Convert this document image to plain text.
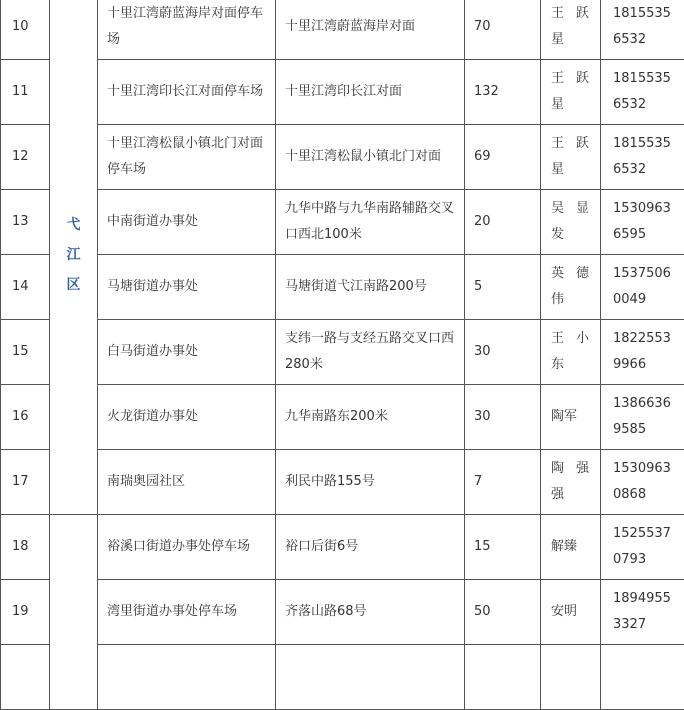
10	弋江区	十里江湾蔚蓝海岸对面停车场	十里江湾蔚蓝海岸对面	70	王跃星	18155356532
11		十里江湾印长江对面停车场	十里江湾印长江对面	132	王跃星	18155356532
12		十里江湾松鼠小镇北门对面停车场	十里江湾松鼠小镇北门对面	69	王跃星	18155356532
13		中南街道办事处	九华中路与九华南路辅路交叉口西北100米	20	吴显发	15309636595
14		马塘街道办事处	马塘街道弋江南路200号	5	英德伟	15375060049
15		白马街道办事处	支纬一路与支经五路交叉口西280米	30	王小东	18225539966
16		火龙街道办事处	九华南路东200米	30	陶军	13866369585
17		南瑞奥园社区	利民中路155号	7	陶强强	15309630868
18		裕溪口街道办事处停车场	裕口后街6号	15	解臻	15255370793
19		湾里街道办事处停车场	齐落山路68号	50	安明	18949553327
